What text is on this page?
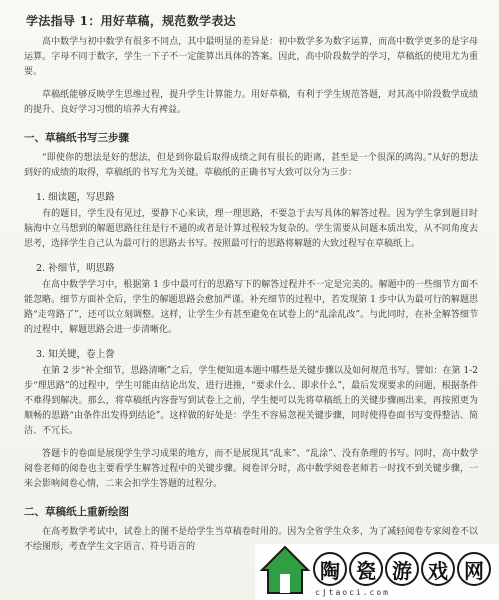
学法指导 1：用好草稿，规范数学表达

高中数学与初中数学有很多不同点，其中最明显的差异是：初中数学多为数字运算，而高中数学更多的是字母运算。字母不同于数字，学生一下子不一定能算出具体的答案。因此，高中阶段数学的学习，草稿纸的使用尤为重要。

草稿纸能够反映学生思维过程，提升学生计算能力。用好草稿，有利于学生规范答题，对其高中阶段数学成绩的提升、良好学习习惯的培养大有裨益。

一、草稿纸书写三步骤

“即使你的想法是好的想法，但是到你最后取得成绩之间有很长的距离，甚至是一个很深的鸿沟。”从好的想法到好的成绩的取得，草稿纸的书写尤为关键。草稿纸的正确书写大致可以分为三步：

1. 细读题，写思路

有的题目，学生没有见过，要静下心来读，理一理思路，不要急于去写具体的解答过程。因为学生拿到题目时脑海中立马想到的解题思路往往是行不通的或者是计算过程较为复杂的。学生需要从问题本质出发，从不同角度去思考，选择学生自己认为最可行的思路去书写。按照最可行的思路将解题的大致过程写在草稿纸上。

2. 补细节，明思路

在高中数学学习中，根据第 1 步中最可行的思路写下的解答过程并不一定是完美的。解题中的一些细节方面不能忽略。细节方面补全后，学生的解题思路会愈加严谨。补充细节的过程中，若发现第 1 步中认为最可行的解题思路“走弯路了”，还可以立刻调整。这样，让学生少有甚至避免在试卷上的“乱涂乱改”。与此同时，在补全解答细节的过程中，解题思路会进一步清晰化。

3. 知关键，卷上誊

在第 2 步“补全细节，思路清晰”之后，学生便知道本题中哪些是关键步骤以及如何规范书写。譬如：在第 1-2 步“理思路”的过程中，学生可能由结论出发，进行进推，“要求什么、即求什么”，最后发现要求的问题，根据条件不难得到解决。那么，将草稿纸内容誊写到试卷上之前，学生便可以先将草稿纸上的关键步骤画出来，再按照更为顺畅的思路“由条件出发得到结论”。这样做的好处是：学生不容易忽视关键步骤，同时使得卷面书写变得整洁、简洁、不冗长。

答题卡的卷面是展现学生学习成果的地方，而不是展现其“乱来”、“乱涂”、没有条理的书写。同时，高中数学阅卷老师的阅卷也主要看学生解答过程中的关键步骤。阅卷评分时，高中数学阅卷老师若一时找不到关键步骤，一来会影响阅卷心情，二来会扣学生答题的过程分。

二、草稿纸上重新绘图

在高考数学考试中，试卷上的图不是给学生当草稿卷时用的。因为全省学生众多，为了减轻阅卷专家阅卷不以不绘图形，考查学生文字语言、符号语言的

陶 瓷 游 戏 网
cjtaoci.com
